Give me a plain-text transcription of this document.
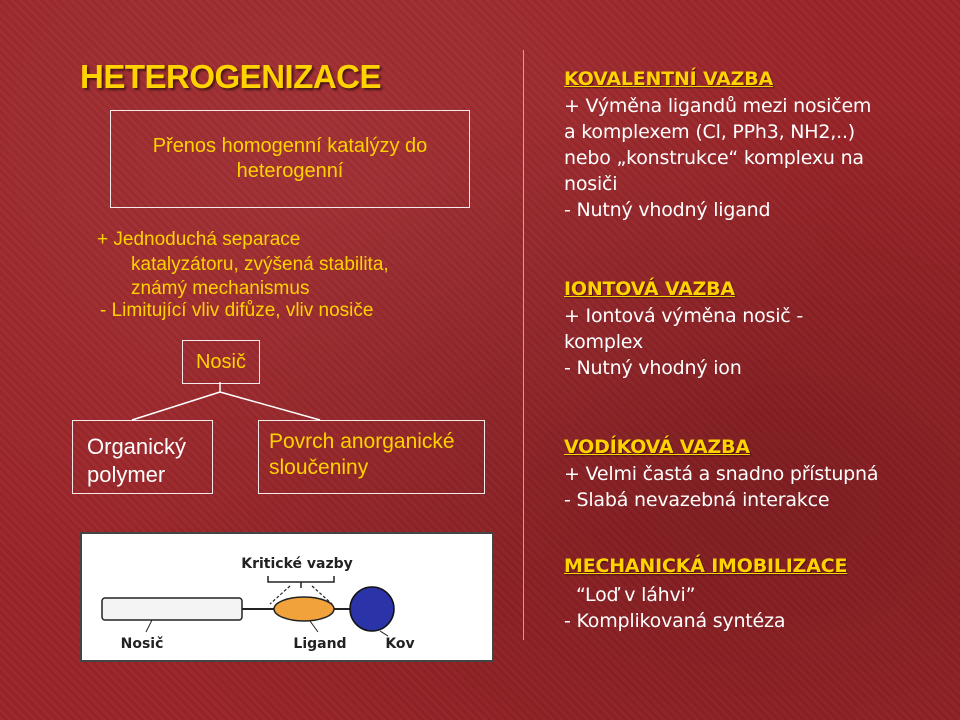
HETEROGENIZACE
Přenos homogenní katalýzy do heterogenní
+ Jednoduchá separace
katalyzátoru, zvýšená stabilita,
známý mechanismus
- Limitující vliv difůze, vliv nosiče
Nosič
Organický
polymer
Povrch anorganické
sloučeniny
Kritické vazby
Nosič	Ligand	Kov
KOVALENTNÍ VAZBA
+ Výměna ligandů mezi nosičem
a komplexem (Cl, PPh3, NH2,..)
nebo „konstrukce“ komplexu na
nosiči
- Nutný vhodný ligand
IONTOVÁ VAZBA
+ Iontová výměna nosič -
komplex
- Nutný vhodný ion
VODÍKOVÁ VAZBA
+ Velmi častá a snadno přístupná
- Slabá nevazebná interakce
MECHANICKÁ IMOBILIZACE
“Loď v láhvi”
- Komplikovaná syntéza
